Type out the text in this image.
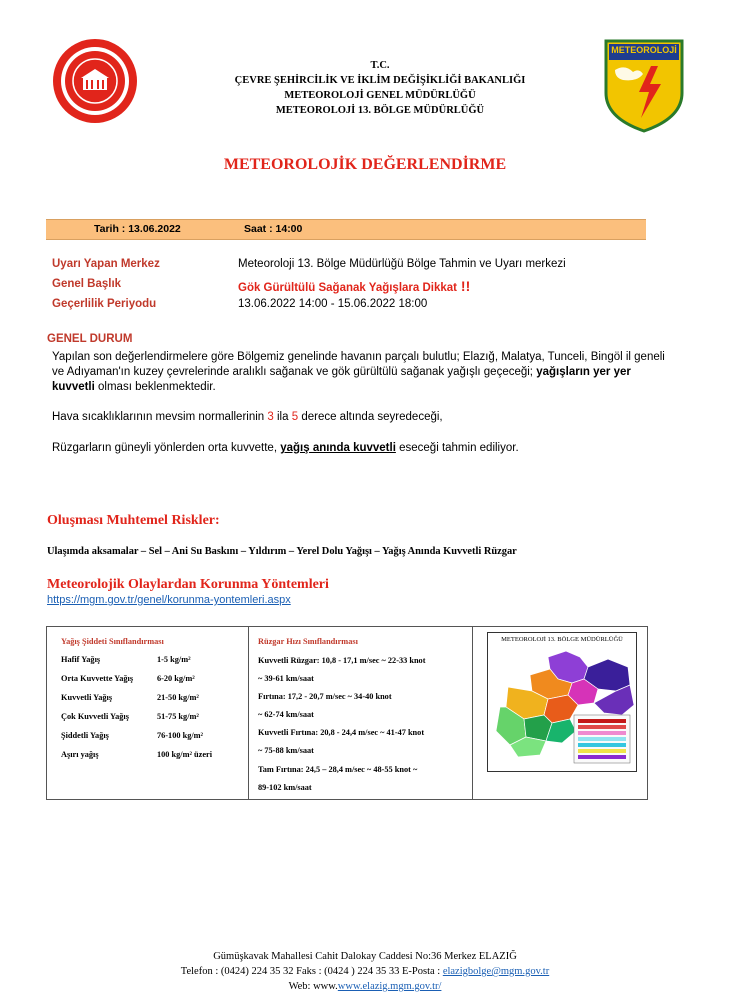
T.C.
ÇEVRE ŞEHİRCİLİK VE İKLİM DEĞİŞİKLİĞİ BAKANLIĞI
METEOROLOJİ GENEL MÜDÜRLÜĞÜ
METEOROLOJİ 13. BÖLGE MÜDÜRLÜĞÜ
METEOROLOJİ
METEOROLOJİK DEĞERLENDİRME
Tarih : 13.06.2022	Saat : 14:00
Uyarı Yapan Merkez	Meteoroloji 13. Bölge Müdürlüğü Bölge Tahmin ve Uyarı merkezi
Genel Başlık	Gök Gürültülü Sağanak Yağışlara Dikkat !!
Geçerlilik Periyodu	13.06.2022 14:00 - 15.06.2022 18:00
GENEL DURUM
Yapılan son değerlendirmelere göre Bölgemiz genelinde havanın parçalı bulutlu; Elazığ, Malatya, Tunceli, Bingöl il geneli ve Adıyaman'ın kuzey çevrelerinde aralıklı sağanak ve gök gürültülü sağanak yağışlı geçeceği; yağışların yer yer kuvvetli olması beklenmektedir.
Hava sıcaklıklarının mevsim normallerinin 3 ila 5 derece altında seyredeceği,
Rüzgarların güneyli yönlerden orta kuvvette, yağış anında kuvvetli eseceği tahmin ediliyor.
Oluşması Muhtemel Riskler:
Ulaşımda aksamalar – Sel – Ani Su Baskını – Yıldırım – Yerel Dolu Yağışı – Yağış Anında Kuvvetli Rüzgar
Meteorolojik Olaylardan Korunma Yöntemleri
https://mgm.gov.tr/genel/korunma-yontemleri.aspx
Yağış Şiddeti Sınıflandırması
Hafif Yağış	1-5 kg/m²
Orta Kuvvette Yağış	6-20 kg/m²
Kuvvetli Yağış	21-50 kg/m²
Çok Kuvvetli Yağış	51-75 kg/m²
Şiddetli Yağış	76-100 kg/m²
Aşırı yağış	100 kg/m² üzeri
Rüzgar Hızı Sınıflandırması
Kuvvetli Rüzgar: 10,8 - 17,1 m/sec ~ 22-33 knot
~ 39-61 km/saat
Fırtına: 17,2 - 20,7 m/sec ~ 34-40 knot
~ 62-74 km/saat
Kuvvetli Fırtına: 20,8 - 24,4 m/sec ~ 41-47 knot
~ 75-88 km/saat
Tam Fırtına: 24,5 – 28,4 m/sec ~ 48-55 knot ~
89-102 km/saat
METEOROLOJİ 13. BÖLGE MÜDÜRLÜĞÜ
Gümüşkavak Mahallesi Cahit Dalokay Caddesi No:36 Merkez ELAZIĞ
Telefon : (0424) 224 35 32 Faks : (0424 ) 224 35 33 E-Posta : elazigbolge@mgm.gov.tr
Web: www.www.elazig.mgm.gov.tr/
